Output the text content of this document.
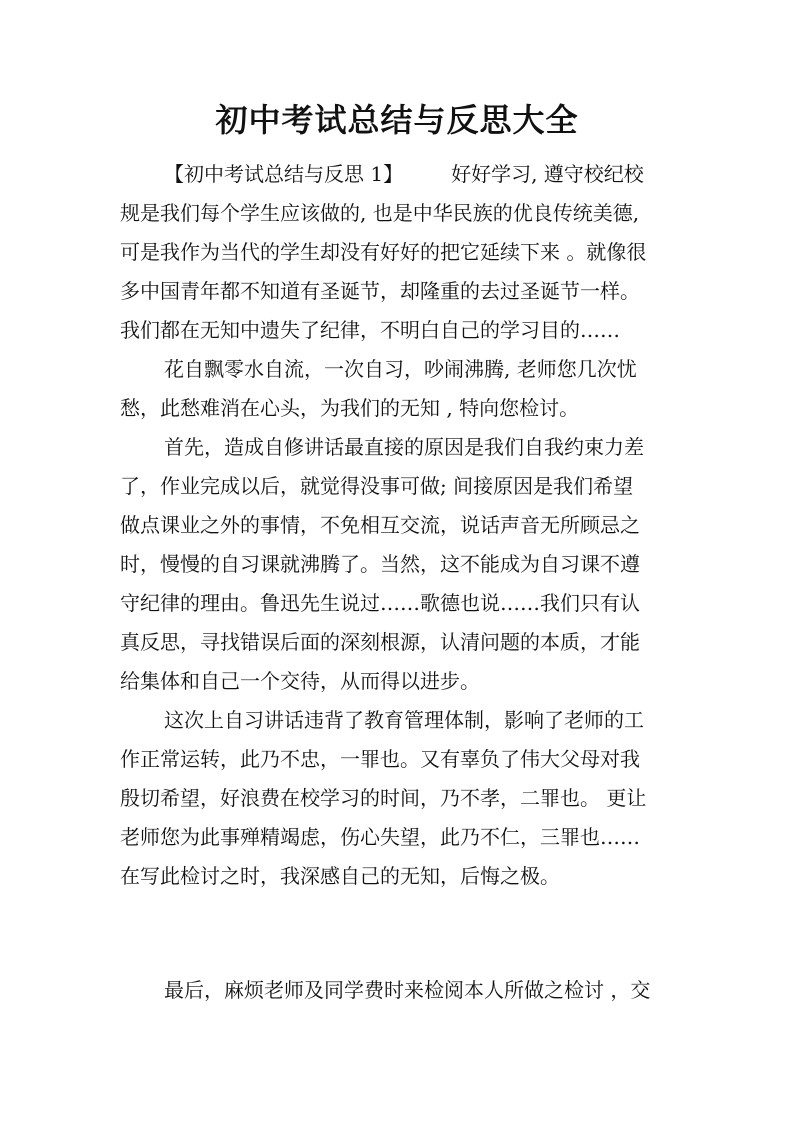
初中考试总结与反思大全
【初中考试总结与反思 1】 好好学习, 遵守校纪校
规是我们每个学生应该做的, 也是中华民族的优良传统美德,
可是我作为当代的学生却没有好好的把它延续下来 。就像很
多中国青年都不知道有圣诞节，却隆重的去过圣诞节一样。
我们都在无知中遗失了纪律，不明白自己的学习目的……
花自飘零水自流，一次自习，吵闹沸腾, 老师您几次忧
愁，此愁难消在心头，为我们的无知 , 特向您检讨。
首先，造成自修讲话最直接的原因是我们自我约束力差
了，作业完成以后，就觉得没事可做; 间接原因是我们希望
做点课业之外的事情，不免相互交流，说话声音无所顾忌之
时，慢慢的自习课就沸腾了。当然，这不能成为自习课不遵
守纪律的理由。鲁迅先生说过……歌德也说……我们只有认
真反思，寻找错误后面的深刻根源，认清问题的本质，才能
给集体和自己一个交待，从而得以进步。
这次上自习讲话违背了教育管理体制，影响了老师的工
作正常运转，此乃不忠，一罪也。又有辜负了伟大父母对我
殷切希望，好浪费在校学习的时间，乃不孝，二罪也。 更让
老师您为此事殚精竭虑，伤心失望，此乃不仁，三罪也……
在写此检讨之时，我深感自己的无知，后悔之极。
最后，麻烦老师及同学费时来检阅本人所做之检讨 ，交
